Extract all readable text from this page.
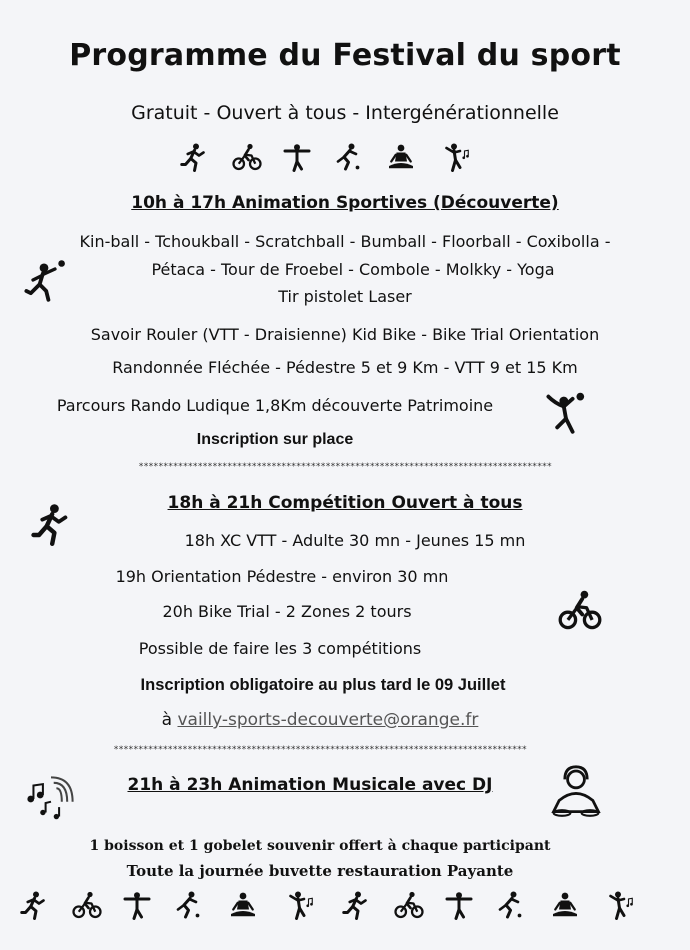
Programme du Festival du sport
Gratuit - Ouvert à tous - Intergénérationnelle
10h à 17h Animation Sportives (Découverte)
Kin-ball - Tchoukball - Scratchball - Bumball - Floorball - Coxibolla -
Pétaca - Tour de Froebel - Combole - Molkky - Yoga
Tir pistolet Laser
Savoir Rouler (VTT - Draisienne) Kid Bike - Bike Trial Orientation
Randonnée Fléchée - Pédestre 5 et 9 Km - VTT 9 et 15 Km
Parcours Rando Ludique 1,8Km découverte Patrimoine
Inscription sur place
************************************************************************************
18h à 21h Compétition Ouvert à tous
18h XC VTT - Adulte 30 mn - Jeunes 15 mn
19h Orientation Pédestre - environ 30 mn
20h Bike Trial - 2 Zones 2 tours
Possible de faire les 3 compétitions
Inscription obligatoire au plus tard le 09 Juillet
à vailly-sports-decouverte@orange.fr
************************************************************************************
21h à 23h Animation Musicale avec DJ
1 boisson et 1 gobelet souvenir offert à chaque participant
Toute la journée buvette restauration Payante
